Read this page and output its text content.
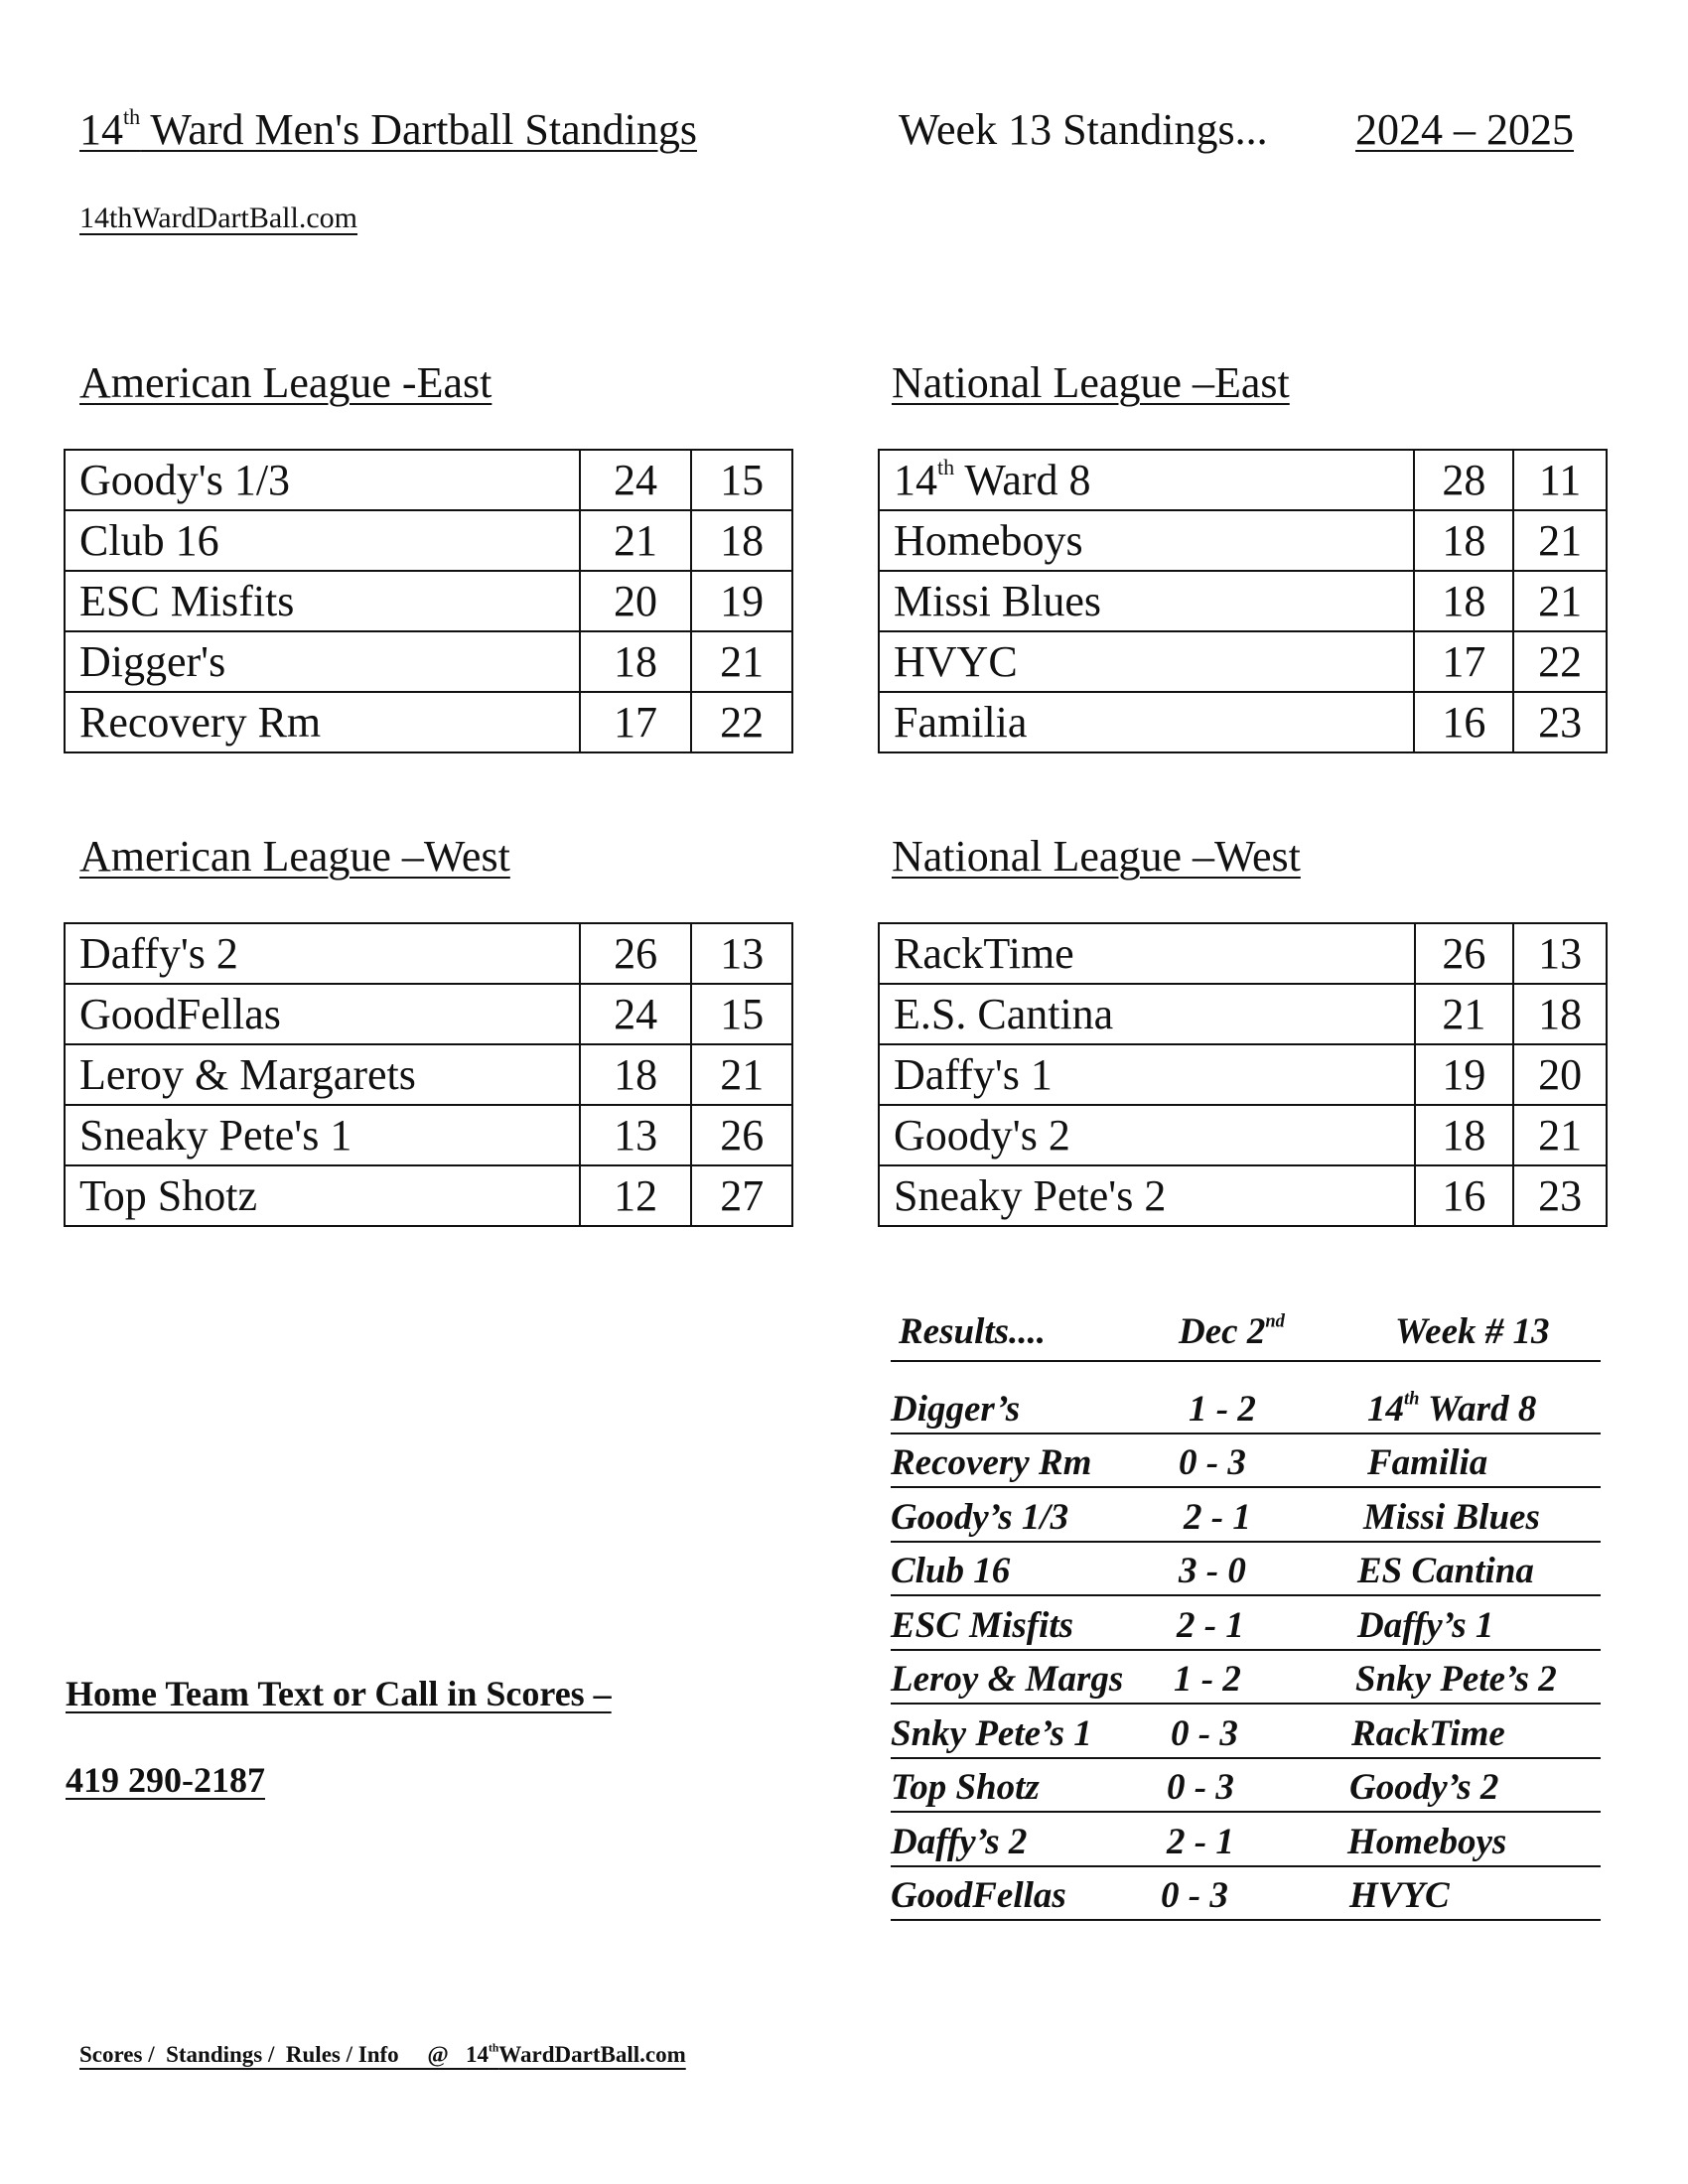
14th Ward Men's Dartball Standings	Week 13 Standings... 2024 – 2025
14thWardDartBall.com
American League -East
Goody's 1/3	24	15
Club 16	21	18
ESC Misfits	20	19
Digger's	18	21
Recovery Rm	17	22
National League –East
14th Ward 8	28	11
Homeboys	18	21
Missi Blues	18	21
HVYC	17	22
Familia	16	23
American League –West
Daffy's 2	26	13
GoodFellas	24	15
Leroy & Margarets	18	21
Sneaky Pete's 1	13	26
Top Shotz	12	27
National League –West
RackTime	26	13
E.S. Cantina	21	18
Daffy's 1	19	20
Goody's 2	18	21
Sneaky Pete's 2	16	23
Results....	Dec 2nd	Week # 13
Digger’s	1 - 2	14th Ward 8
Recovery Rm 0 - 3	Familia
Goody’s 1/3	2 - 1	Missi Blues
Club 16	3 - 0	ES Cantina
ESC Misfits	2 - 1	Daffy’s 1
Leroy & Margs 1 - 2	Snky Pete’s 2
Snky Pete’s 1 0 - 3	RackTime
Top Shotz	0 - 3	Goody’s 2
Daffy’s 2	2 - 1	Homeboys
GoodFellas	0 - 3	HVYC
Home Team Text or Call in Scores –
419 290-2187
Scores /  Standings /  Rules / Info     @   14thWardDartBall.com
